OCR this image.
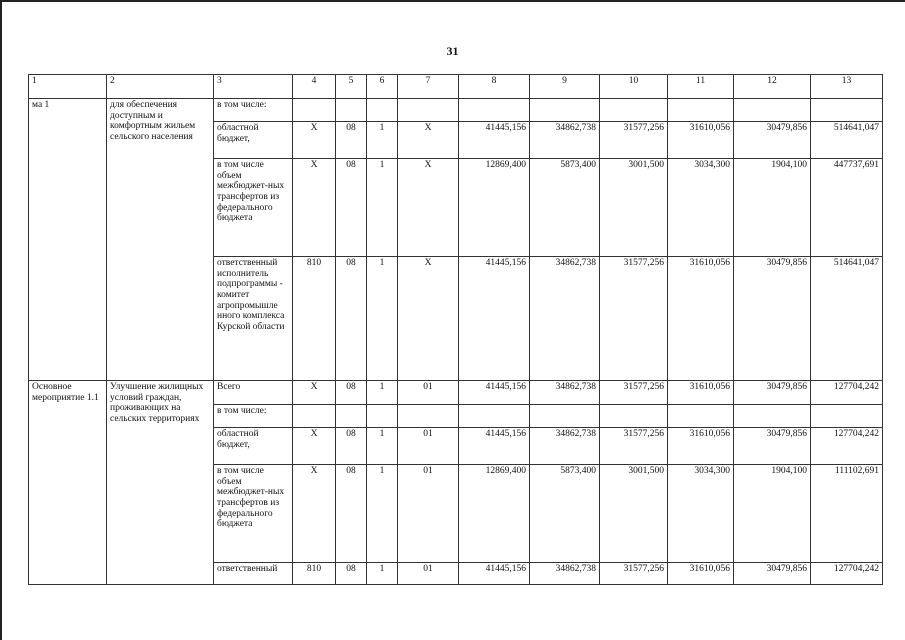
31
1	2	3	4	5	6	7	8	9	10	11	12	13
ма 1	для обеспечения доступным и комфортным жильем сельского населения	в том числе:										
		областной бюджет,	Х	08	1	Х	41445,156	34862,738	31577,256	31610,056	30479,856	514641,047
		в том числе объем межбюджет-ных трансфертов из федерального бюджета	Х	08	1	Х	12869,400	5873,400	3001,500	3034,300	1904,100	447737,691
		ответственный исполнитель подпрограммы - комитет агропромышле нного комплекса Курской области	810	08	1	Х	41445,156	34862,738	31577,256	31610,056	30479,856	514641,047
Основное мероприятие 1.1	Улучшение жилищных условий граждан, проживающих на сельских территориях	Всего	Х	08	1	01	41445,156	34862,738	31577,256	31610,056	30479,856	127704,242
		в том числе:										
		областной бюджет,	Х	08	1	01	41445,156	34862,738	31577,256	31610,056	30479,856	127704,242
		в том числе объем межбюджет-ных трансфертов из федерального бюджета	Х	08	1	01	12869,400	5873,400	3001,500	3034,300	1904,100	111102,691
		ответственный	810	08	1	01	41445,156	34862,738	31577,256	31610,056	30479,856	127704,242
